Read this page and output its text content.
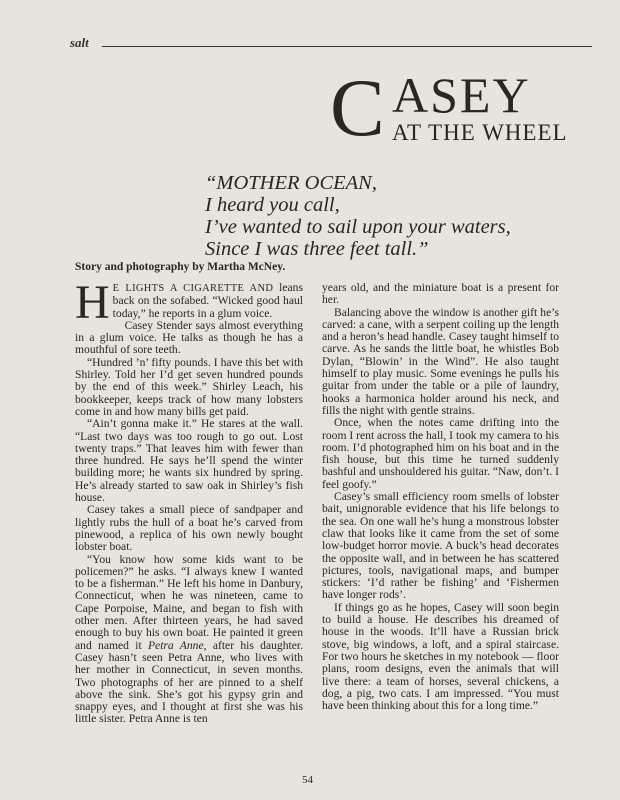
salt
C ASEY
AT THE WHEEL
“MOTHER OCEAN,
I heard you call,
I’ve wanted to sail upon your waters,
Since I was three feet tall.”
Story and photography by Martha McNey.

H E LIGHTS A CIGARETTE AND leans back on the sofabed. “Wicked good haul today,” he reports in a glum voice.

Casey Stender says almost everything in a glum voice. He talks as though he has a mouthful of sore teeth.

“Hundred ’n’ fifty pounds. I have this bet with Shirley. Told her I’d get seven hundred pounds by the end of this week.” Shirley Leach, his bookkeeper, keeps track of how many lobsters come in and how many bills get paid.

“Ain’t gonna make it.” He stares at the wall. “Last two days was too rough to go out. Lost twenty traps.” That leaves him with fewer than three hundred. He says he’ll spend the winter building more; he wants six hundred by spring. He’s already started to saw oak in Shirley’s fish house.

Casey takes a small piece of sandpaper and lightly rubs the hull of a boat he’s carved from pinewood, a replica of his own newly bought lobster boat.

“You know how some kids want to be policemen?” he asks. “I always knew I wanted to be a fisherman.” He left his home in Danbury, Connecticut, when he was nineteen, came to Cape Porpoise, Maine, and began to fish with other men. After thirteen years, he had saved enough to buy his own boat. He painted it green and named it Petra Anne, after his daughter. Casey hasn’t seen Petra Anne, who lives with her mother in Connecticut, in seven months. Two photographs of her are pinned to a shelf above the sink. She’s got his gypsy grin and snappy eyes, and I thought at first she was his little sister. Petra Anne is ten

years old, and the miniature boat is a present for her.

Balancing above the window is another gift he’s carved: a cane, with a serpent coiling up the length and a heron’s head handle. Casey taught himself to carve. As he sands the little boat, he whistles Bob Dylan, “Blowin’ in the Wind”. He also taught himself to play music. Some evenings he pulls his guitar from under the table or a pile of laundry, hooks a harmonica holder around his neck, and fills the night with gentle strains.

Once, when the notes came drifting into the room I rent across the hall, I took my camera to his room. I’d photographed him on his boat and in the fish house, but this time he turned suddenly bashful and unshouldered his guitar. “Naw, don’t. I feel goofy.”

Casey’s small efficiency room smells of lobster bait, unignorable evidence that his life belongs to the sea. On one wall he’s hung a monstrous lobster claw that looks like it came from the set of some low-budget horror movie. A buck’s head decorates the opposite wall, and in between he has scattered pictures, tools, navigational maps, and bumper stickers: ‘I’d rather be fishing’ and ‘Fishermen have longer rods’.

If things go as he hopes, Casey will soon begin to build a house. He describes his dreamed of house in the woods. It’ll have a Russian brick stove, big windows, a loft, and a spiral staircase. For two hours he sketches in my notebook — floor plans, room designs, even the animals that will live there: a team of horses, several chickens, a dog, a pig, two cats. I am impressed. “You must have been thinking about this for a long time.”

54
